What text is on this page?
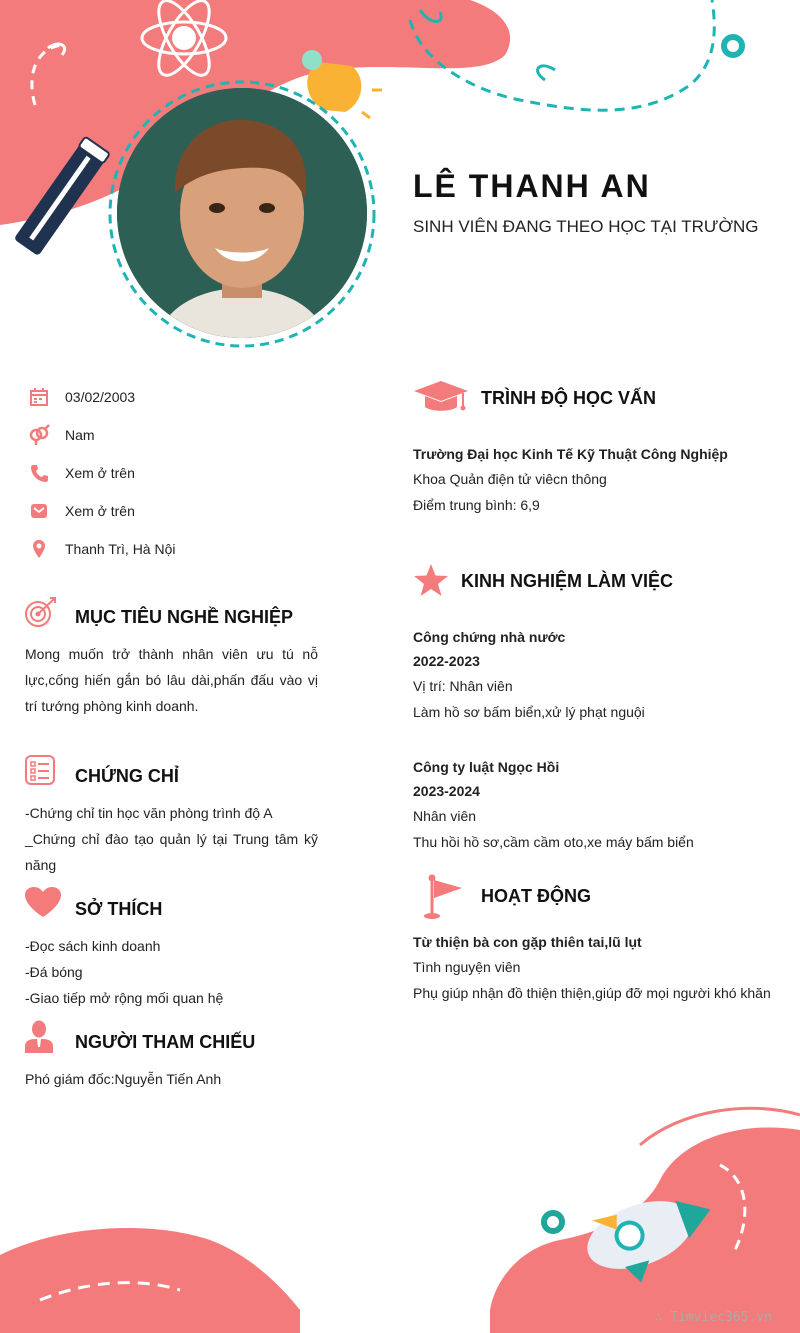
LÊ THANH AN
SINH VIÊN ĐANG THEO HỌC TẠI TRƯỜNG
03/02/2003
Nam
Xem ở trên
Xem ở trên
Thanh Trì, Hà Nội
MỤC TIÊU NGHỀ NGHIỆP
Mong muốn trở thành nhân viên ưu tú nỗ lực,cống hiến gắn bó lâu dài,phấn đấu vào vị trí tướng phòng kinh doanh.
CHỨNG CHỈ
-Chứng chỉ tin học văn phòng trình độ A
_Chứng chỉ đào tạo quản lý tại Trung tâm kỹ năng
SỞ THÍCH
-Đọc sách kinh doanh
-Đá bóng
-Giao tiếp mở rộng mối quan hệ
NGƯỜI THAM CHIẾU
Phó giám đốc:Nguyễn Tiến Anh
TRÌNH ĐỘ HỌC VẤN
Trường Đại học Kinh Tế Kỹ Thuật Công Nghiệp
Khoa Quản điện tử viêcn thông
Điểm trung bình: 6,9
KINH NGHIỆM LÀM VIỆC
Công chứng nhà nước
2022-2023
Vị trí: Nhân viên
Làm hồ sơ bấm biển,xử lý phạt nguội
Công ty luật Ngọc Hồi
2023-2024
Nhân viên
Thu hồi hồ sơ,cầm cầm oto,xe máy bấm biển
HOẠT ĐỘNG
Từ thiện bà con gặp thiên tai,lũ lụt
Tình nguyện viên
Phụ giúp nhận đồ thiện thiện,giúp đỡ mọi người khó khăn
∴ Timviec365.vn
